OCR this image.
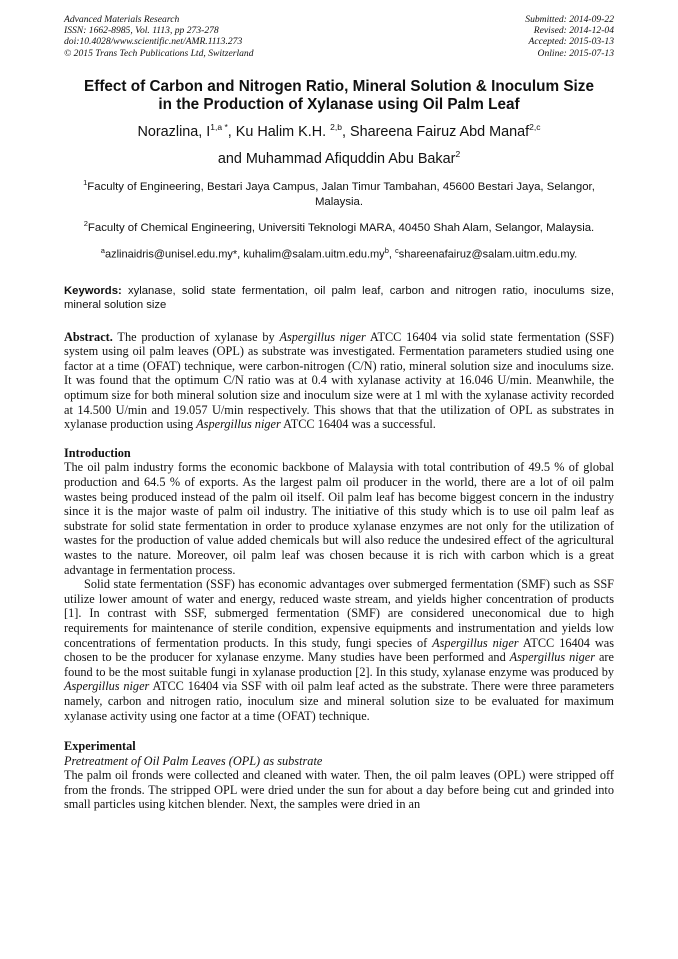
Advanced Materials Research
ISSN: 1662-8985, Vol. 1113, pp 273-278
doi:10.4028/www.scientific.net/AMR.1113.273
© 2015 Trans Tech Publications Ltd, Switzerland
Submitted: 2014-09-22
Revised: 2014-12-04
Accepted: 2015-03-13
Online: 2015-07-13
Effect of Carbon and Nitrogen Ratio, Mineral Solution & Inoculum Size
in the Production of Xylanase using Oil Palm Leaf
Norazlina, $I^{1,a *}$, Ku Halim K.H. $^{2,b}$, Shareena Fairuz Abd Manaf$^{2,c}$
and Muhammad Afiquddin Abu Bakar$^2$
$^1$Faculty of Engineering, Bestari Jaya Campus, Jalan Timur Tambahan, 45600 Bestari Jaya, Selangor, Malaysia.
$^2$Faculty of Chemical Engineering, Universiti Teknologi MARA, 40450 Shah Alam, Selangor, Malaysia.
$^a$azlinaidris@unisel.edu.my*, $kuhalim@salam.uitm.edu.my^b$, $^c$shareenafairuz@salam.uitm.edu.my.
Keywords: xylanase, solid state fermentation, oil palm leaf, carbon and nitrogen ratio, inoculums size, mineral solution size
Abstract. The production of xylanase by Aspergillus niger ATCC 16404 via solid state fermentation (SSF) system using oil palm leaves (OPL) as substrate was investigated. Fermentation parameters studied using one factor at a time (OFAT) technique, were carbon-nitrogen (C/N) ratio, mineral solution size and inoculums size. It was found that the optimum C/N ratio was at 0.4 with xylanase activity at 16.046 U/min. Meanwhile, the optimum size for both mineral solution size and inoculum size were at 1 ml with the xylanase activity recorded at 14.500 U/min and 19.057 U/min respectively. This shows that that the utilization of OPL as substrates in xylanase production using Aspergillus niger ATCC 16404 was a successful.
Introduction
The oil palm industry forms the economic backbone of Malaysia with total contribution of 49.5 % of global production and 64.5 % of exports. As the largest palm oil producer in the world, there are a lot of oil palm wastes being produced instead of the palm oil itself. Oil palm leaf has become biggest concern in the industry since it is the major waste of palm oil industry. The initiative of this study which is to use oil palm leaf as substrate for solid state fermentation in order to produce xylanase enzymes are not only for the utilization of wastes for the production of value added chemicals but will also reduce the undesired effect of the agricultural wastes to the nature. Moreover, oil palm leaf was chosen because it is rich with carbon which is a great advantage in fermentation process.
Solid state fermentation (SSF) has economic advantages over submerged fermentation (SMF) such as SSF utilize lower amount of water and energy, reduced waste stream, and yields higher concentration of products [1]. In contrast with SSF, submerged fermentation (SMF) are considered uneconomical due to high requirements for maintenance of sterile condition, expensive equipments and instrumentation and yields low concentrations of fermentation products. In this study, fungi species of Aspergillus niger ATCC 16404 was chosen to be the producer for xylanase enzyme. Many studies have been performed and Aspergillus niger are found to be the most suitable fungi in xylanase production [2]. In this study, xylanase enzyme was produced by Aspergillus niger ATCC 16404 via SSF with oil palm leaf acted as the substrate. There were three parameters namely, carbon and nitrogen ratio, inoculum size and mineral solution size to be evaluated for maximum xylanase activity using one factor at a time (OFAT) technique.
Experimental
Pretreatment of Oil Palm Leaves (OPL) as substrate
The palm oil fronds were collected and cleaned with water. Then, the oil palm leaves (OPL) were stripped off from the fronds. The stripped OPL were dried under the sun for about a day before being cut and grinded into small particles using kitchen blender. Next, the samples were dried in an
